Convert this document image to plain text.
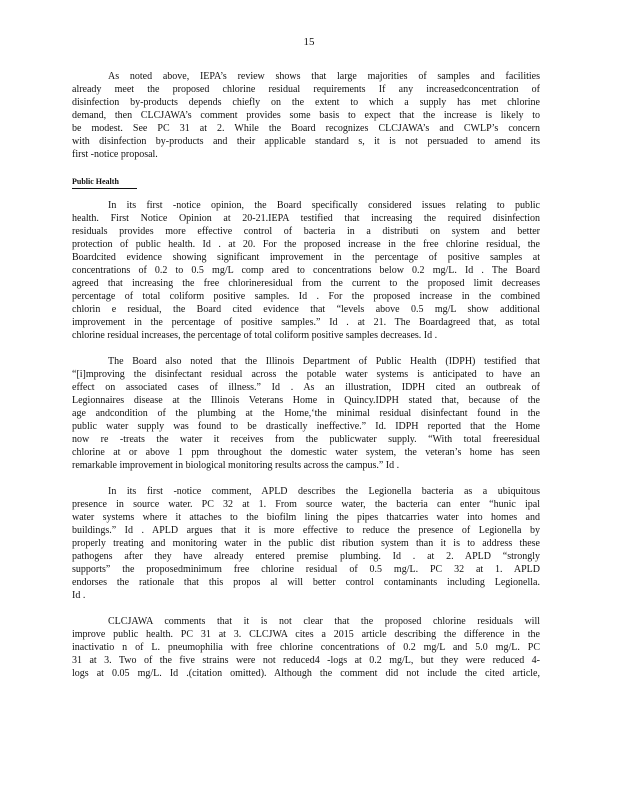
15
As noted above, IEPA’s review shows that large majorities of samples and facilities
already meet the proposed chlorine residual requirements If any increasedconcentration of
disinfection by-products depends chiefly on the extent to which a supply has met chlorine
demand, then CLCJAWA’s comment provides some basis to expect that the increase is likely to
be modest. See PC 31 at 2. While the Board recognizes CLCJAWA’s and CWLP’s concern
with disinfection by-products and their applicable standard s, it is not persuaded to amend its
first -notice proposal.
Public Health
In its first -notice opinion, the Board specifically considered issues relating to public
health. First Notice Opinion at 20-21.IEPA testified that increasing the required disinfection
residuals provides more effective control of bacteria in a distributi on system and better
protection of public health. Id . at 20. For the proposed increase in the free chlorine residual, the
Boardcited evidence showing significant improvement in the percentage of positive samples at
concentrations of 0.2 to 0.5 mg/L comp ared to concentrations below 0.2 mg/L. Id . The Board
agreed that increasing the free chlorineresidual from the current to the proposed limit decreases
percentage of total coliform positive samples. Id . For the proposed increase in the combined
chlorin e residual, the Board cited evidence that “levels above 0.5 mg/L show additional
improvement in the percentage of positive samples.” Id . at 21. The Boardagreed that, as total
chlorine residual increases, the percentage of total coliform positive samples decreases. Id .
The Board also noted that the Illinois Department of Public Health (IDPH) testified that
“[i]mproving the disinfectant residual across the potable water systems is anticipated to have an
effect on associated cases of illness.” Id . As an illustration, IDPH cited an outbreak of
Legionnaires disease at the Illinois Veterans Home in Quincy.IDPH stated that, because of the
age andcondition of the plumbing at the Home,‘the minimal residual disinfectant found in the
public water supply was found to be drastically ineffective.” Id. IDPH reported that the Home
now re -treats the water it receives from the publicwater supply. “With total freeresidual
chlorine at or above 1 ppm throughout the domestic water system, the veteran’s home has seen
remarkable improvement in biological monitoring results across the campus.” Id .
In its first -notice comment, APLD describes the Legionella bacteria as a ubiquitous
presence in source water. PC 32 at 1. From source water, the bacteria can enter “hunic ipal
water systems where it attaches to the biofilm lining the pipes thatcarries water into homes and
buildings.” Id . APLD argues that it is more effective to reduce the presence of Legionella by
properly treating and monitoring water in the public dist ribution system than it is to address these
pathogens after they have already entered premise plumbing. Id . at 2. APLD “strongly
supports” the proposedminimum free chlorine residual of 0.5 mg/L. PC 32 at 1. APLD
endorses the rationale that this propos al will better control contaminants including Legionella.
Id .
CLCJAWA comments that it is not clear that the proposed chlorine residuals will
improve public health. PC 31 at 3. CLCJWA cites a 2015 article describing the difference in the
inactivatio n of L. pneumophilia with free chlorine concentrations of 0.2 mg/L and 5.0 mg/L. PC
31 at 3. Two of the five strains were not reduced4 -logs at 0.2 mg/L, but they were reduced 4-
logs at 0.05 mg/L. Id .(citation omitted). Although the comment did not include the cited article,
